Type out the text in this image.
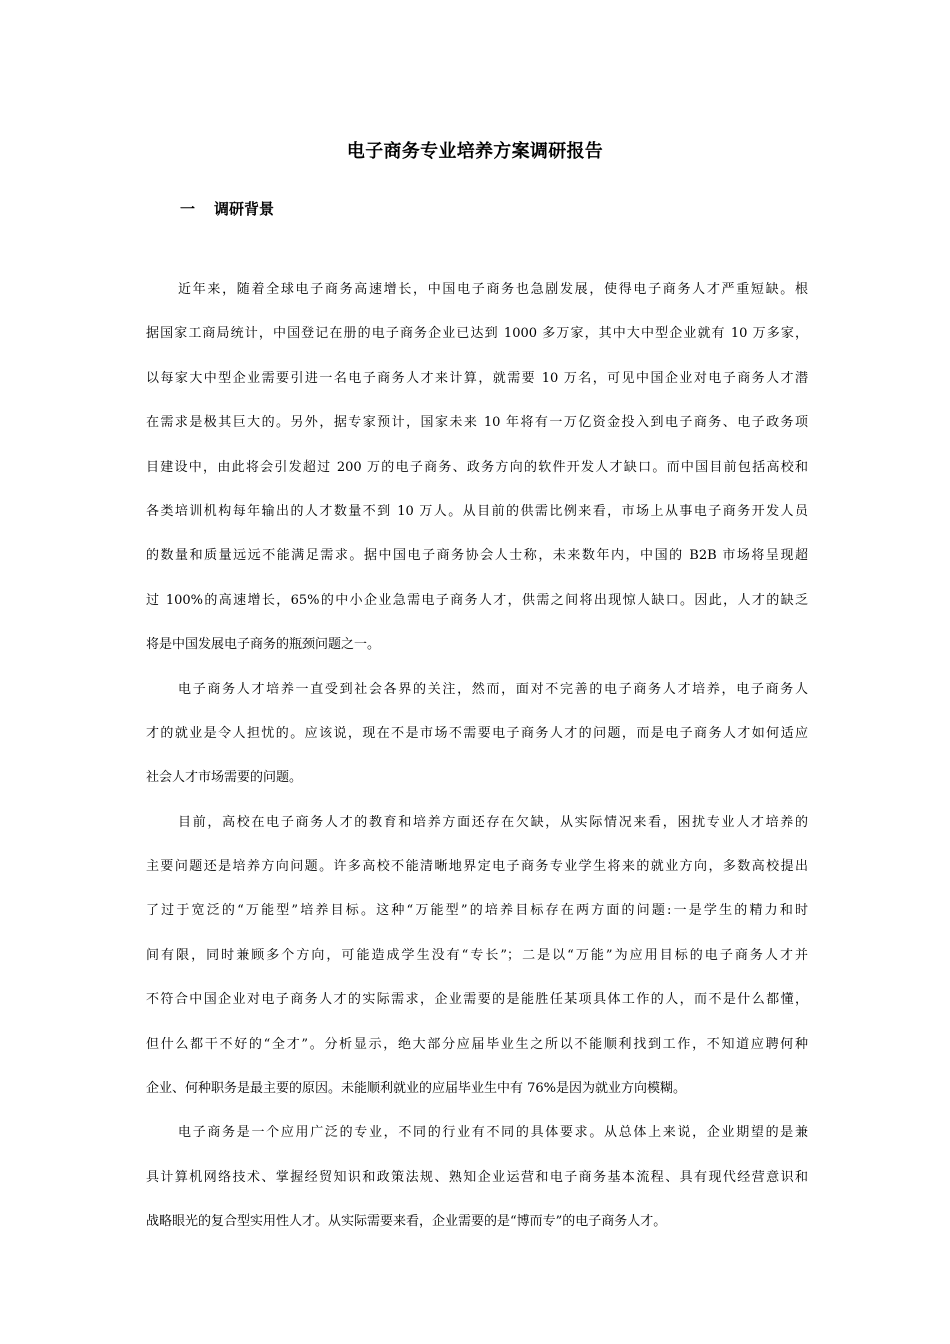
电子商务专业培养方案调研报告
一 调研背景
近年来，随着全球电子商务高速增长，中国电子商务也急剧发展，使得电子商务人才严重短缺。根
据国家工商局统计，中国登记在册的电子商务企业已达到 1000 多万家，其中大中型企业就有 10 万多家，
以每家大中型企业需要引进一名电子商务人才来计算，就需要 10 万名，可见中国企业对电子商务人才潜
在需求是极其巨大的。另外，据专家预计，国家未来 10 年将有一万亿资金投入到电子商务、电子政务项
目建设中，由此将会引发超过 200 万的电子商务、政务方向的软件开发人才缺口。而中国目前包括高校和
各类培训机构每年输出的人才数量不到 10 万人。从目前的供需比例来看，市场上从事电子商务开发人员
的数量和质量远远不能满足需求。据中国电子商务协会人士称，未来数年内，中国的 B2B 市场将呈现超
过 100%的高速增长，65%的中小企业急需电子商务人才，供需之间将出现惊人缺口。因此，人才的缺乏
将是中国发展电子商务的瓶颈问题之一。
电子商务人才培养一直受到社会各界的关注，然而，面对不完善的电子商务人才培养，电子商务人
才的就业是令人担忧的。应该说，现在不是市场不需要电子商务人才的问题，而是电子商务人才如何适应
社会人才市场需要的问题。
目前，高校在电子商务人才的教育和培养方面还存在欠缺，从实际情况来看，困扰专业人才培养的
主要问题还是培养方向问题。许多高校不能清晰地界定电子商务专业学生将来的就业方向，多数高校提出
了过于宽泛的“万能型”培养目标。这种“万能型”的培养目标存在两方面的问题:一是学生的精力和时
间有限，同时兼顾多个方向，可能造成学生没有“专长”；二是以“万能”为应用目标的电子商务人才并
不符合中国企业对电子商务人才的实际需求，企业需要的是能胜任某项具体工作的人，而不是什么都懂，
但什么都干不好的“全才”。分析显示，绝大部分应届毕业生之所以不能顺利找到工作，不知道应聘何种
企业、何种职务是最主要的原因。未能顺利就业的应届毕业生中有 76%是因为就业方向模糊。
电子商务是一个应用广泛的专业，不同的行业有不同的具体要求。从总体上来说，企业期望的是兼
具计算机网络技术、掌握经贸知识和政策法规、熟知企业运营和电子商务基本流程、具有现代经营意识和
战略眼光的复合型实用性人才。从实际需要来看，企业需要的是“博而专”的电子商务人才。
